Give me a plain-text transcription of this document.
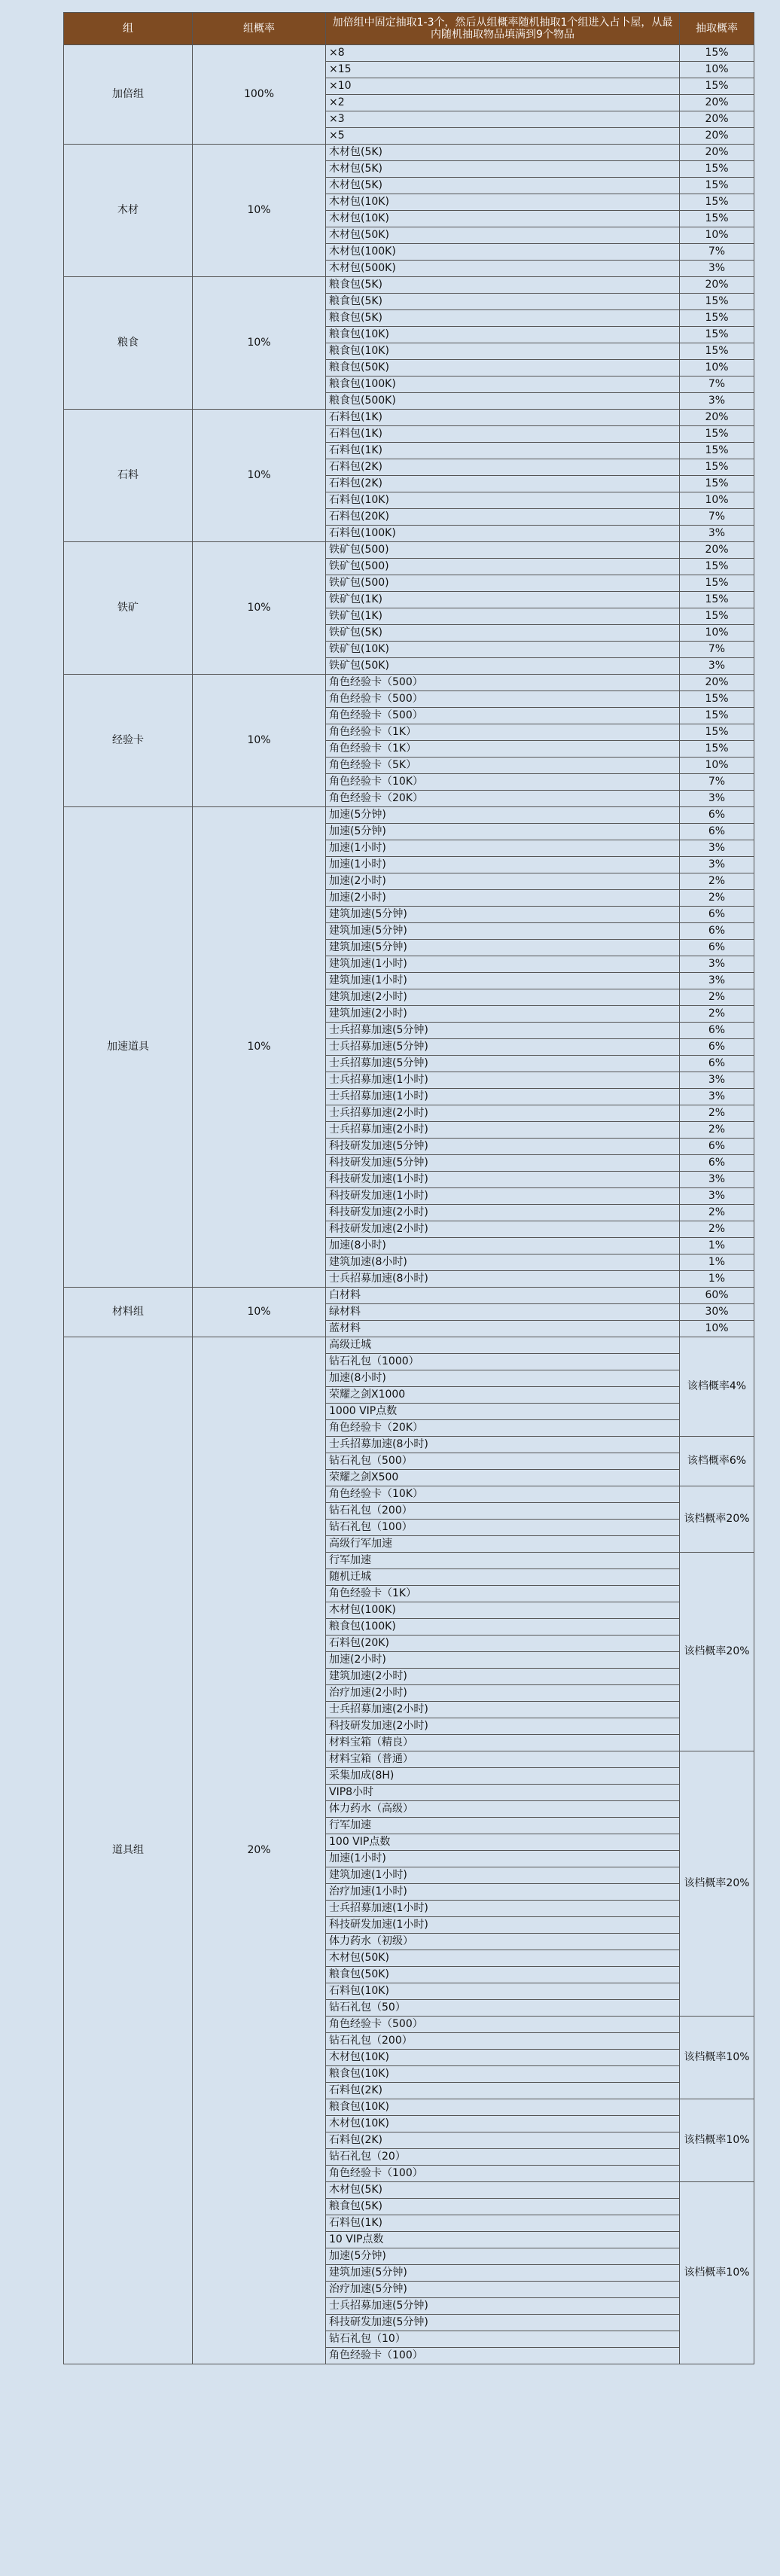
组	组概率	加倍组中固定抽取1-3个，然后从组概率随机抽取1个组进入占卜屋，从最内随机抽取物品填满到9个物品	抽取概率
加倍组	100%	×8	15%
		×15	10%
		×10	15%
		×2	20%
		×3	20%
		×5	20%
木材	10%	木材包(5K)	20%
		木材包(5K)	15%
		木材包(5K)	15%
		木材包(10K)	15%
		木材包(10K)	15%
		木材包(50K)	10%
		木材包(100K)	7%
		木材包(500K)	3%
粮食	10%	粮食包(5K)	20%
		粮食包(5K)	15%
		粮食包(5K)	15%
		粮食包(10K)	15%
		粮食包(10K)	15%
		粮食包(50K)	10%
		粮食包(100K)	7%
		粮食包(500K)	3%
石料	10%	石料包(1K)	20%
		石料包(1K)	15%
		石料包(1K)	15%
		石料包(2K)	15%
		石料包(2K)	15%
		石料包(10K)	10%
		石料包(20K)	7%
		石料包(100K)	3%
铁矿	10%	铁矿包(500)	20%
		铁矿包(500)	15%
		铁矿包(500)	15%
		铁矿包(1K)	15%
		铁矿包(1K)	15%
		铁矿包(5K)	10%
		铁矿包(10K)	7%
		铁矿包(50K)	3%
经验卡	10%	角色经验卡（500）	20%
		角色经验卡（500）	15%
		角色经验卡（500）	15%
		角色经验卡（1K）	15%
		角色经验卡（1K）	15%
		角色经验卡（5K）	10%
		角色经验卡（10K）	7%
		角色经验卡（20K）	3%
加速道具	10%	加速(5分钟)	6%
		加速(5分钟)	6%
		加速(1小时)	3%
		加速(1小时)	3%
		加速(2小时)	2%
		加速(2小时)	2%
		建筑加速(5分钟)	6%
		建筑加速(5分钟)	6%
		建筑加速(5分钟)	6%
		建筑加速(1小时)	3%
		建筑加速(1小时)	3%
		建筑加速(2小时)	2%
		建筑加速(2小时)	2%
		士兵招募加速(5分钟)	6%
		士兵招募加速(5分钟)	6%
		士兵招募加速(5分钟)	6%
		士兵招募加速(1小时)	3%
		士兵招募加速(1小时)	3%
		士兵招募加速(2小时)	2%
		士兵招募加速(2小时)	2%
		科技研发加速(5分钟)	6%
		科技研发加速(5分钟)	6%
		科技研发加速(1小时)	3%
		科技研发加速(1小时)	3%
		科技研发加速(2小时)	2%
		科技研发加速(2小时)	2%
		加速(8小时)	1%
		建筑加速(8小时)	1%
		士兵招募加速(8小时)	1%
材料组	10%	白材料	60%
		绿材料	30%
		蓝材料	10%
道具组	20%	高级迁城	该档概率4%
		钻石礼包（1000）	
		加速(8小时)	
		荣耀之剑X1000	
		1000 VIP点数	
		角色经验卡（20K）	
		士兵招募加速(8小时)	该档概率6%
		钻石礼包（500）	
		荣耀之剑X500	
		角色经验卡（10K）	该档概率20%
		钻石礼包（200）	
		钻石礼包（100）	
		高级行军加速	
		行军加速	该档概率20%
		随机迁城	
		角色经验卡（1K）	
		木材包(100K)	
		粮食包(100K)	
		石料包(20K)	
		加速(2小时)	
		建筑加速(2小时)	
		治疗加速(2小时)	
		士兵招募加速(2小时)	
		科技研发加速(2小时)	
		材料宝箱（精良）	
		材料宝箱（普通）	该档概率20%
		采集加成(8H)	
		VIP8小时	
		体力药水（高级）	
		行军加速	
		100 VIP点数	
		加速(1小时)	
		建筑加速(1小时)	
		治疗加速(1小时)	
		士兵招募加速(1小时)	
		科技研发加速(1小时)	
		体力药水（初级）	
		木材包(50K)	
		粮食包(50K)	
		石料包(10K)	
		钻石礼包（50）	
		角色经验卡（500）	该档概率10%
		钻石礼包（200）	
		木材包(10K)	
		粮食包(10K)	
		石料包(2K)	
		粮食包(10K)	该档概率10%
		木材包(10K)	
		石料包(2K)	
		钻石礼包（20）	
		角色经验卡（100）	
		木材包(5K)	该档概率10%
		粮食包(5K)	
		石料包(1K)	
		10 VIP点数	
		加速(5分钟)	
		建筑加速(5分钟)	
		治疗加速(5分钟)	
		士兵招募加速(5分钟)	
		科技研发加速(5分钟)	
		钻石礼包（10）	
		角色经验卡（100）	
